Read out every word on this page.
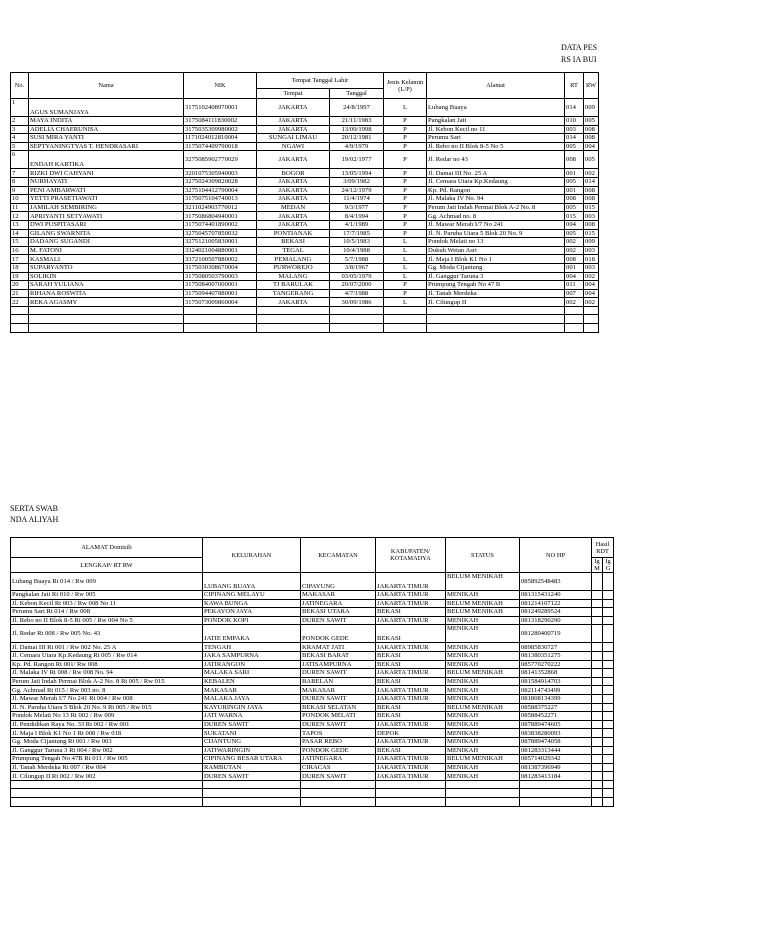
DATA PES
RS IA BUI
No.	Nama	NIK	Tempat Tanggal Lahir		Jenis Kelamin (L/P)	Alamat	RT	RW
			Tempat	Tanggal				
1	AGUS SUMANJAYA	3175102408970001	JAKARTA	24/8/1997	L	Lubang Buaya	014	009
2	MAYA INDITA	3175084111830002	JAKARTA	21/11/1983	P	Pangkalan Jati	010	005
3	ADELIA CHAERUNISA	3175035309980002	JAKARTA	13/09/1998	P	Jl. Kebon Kecil no 11	003	008
4	SUSI MIRA YANTI	1171024012810004	SUNGAI LIMAU	20/12/1981	P	Perumu Sari	014	008
5	SEPTYANINGTYAS T. HENDRASARI	3175074409790018	NGAWI	4/9/1979	P	Jl. Rebo no II Blok 8-5 No 5	005	004
6	ENDAH KARTIKA	3275085902770029	JAKARTA	19/02/1977	P	Jl. Redar no 43	008	005
7	RIZKI DWI CAHYANI	3201075305940003	BOGOR	13/05/1994	P	Jl. Damai III No. 25 A	001	002
8	NURHAYATI	3275024309820028	JAKARTA	3/09/1982	P	Jl. Cemara Utara Kp.Kedaung	005	014
9	PENI AMBARWATI	3275104412790004	JAKARTA	24/12/1979	P	Kp. Pd. Rangon	001	008
10	YETTI PRASETIAWATI	3175075104740013	JAKARTA	11/4/1974	P	Jl. Malaka IV No. 94	008	008
11	JAMILAH SEMBIRING	3211024903770012	MEDAN	9/3/1977	P	Perum Jati Indah Permai Blok A-2 No. 8	005	015
12	APRIYANTI SETYAWATI	3175086804940001	JAKARTA	8/4/1994	P	Gg. Achmad no. 8	015	003
13	DWI PUSPITASARI	3175074401890002	JAKARTA	4/1/1989	P	Jl. Mawar Merah I/7 No 241	004	008
14	GILANG SWARNITA	3275045707850032	PONTIANAK	17/7/1985	P	Jl. N. Paruha Utara 5 Blok 20 No. 9	005	015
15	DADANG SUGANDI	3275121005830001	BEKASI	10/5/1983	L	Pondok Melati no 13	002	009
16	M. FATONI	3324021004880001	TEGAL	10/4/1988	L	Dukuh Wetan Asri	002	003
17	KASMALI	3372100507880002	PEMALANG	5/7/1988	L	Jl. Maja I Blok K1 No 1	008	018
18	SUPARYANTO	3175030308670004	PURWOREJO	3/8/1967	L	Gg. Moda Cijantung	001	003
19	SOLIKIN	3175080503790003	MALANG	03/05/1979	L	Jl. Ganggur Taruna 3	004	002
20	SARAH YULIANA	3175084007000001	TJ BARULAK	20/07/2000	P	Prumpung Tengah No 47 B	011	004
21	RIHANA ROSWITA	3175094407880001	TANGERANG	4/7/1988	P	Jl. Tanah Merdeka	007	004
22	REKA AGASMY	3175073009860004	JAKARTA	30/09/1986	L	Jl. Cilungup II	002	002

SERTA SWAB
NDA ALIYAH
ALAMAT Domisili	KELURAHAN	KECAMATAN	KABUPATEN/ KOTAMADYA	STATUS	NO HP	Hasil RDT	
LENGKAP/ RT RW						Ig M	Ig G
Lubang Buaya Rt 014 / Rw 009	LUBANG BUAYA	CIPAYUNG	JAKARTA TIMUR	BELUM MENIKAH	085892548483		
Pangkalan Jati Rt 010 / Rw 005	CIPINANG MELAYU	MAKASAR	JAKARTA TIMUR	MENIKAH	081315431240		
Jl. Kebon Kecil Rt 003 / Rw 008 No 11	KAWA BUNGA	JATINEGARA	JAKARTA TIMUR	BELUM MENIKAH	081214107122		
Perumu Sari Rt 014 / Rw 008	PEKAYON JAYA	BEKASI UTARA	BEKASI	BELUM MENIKAH	081249289524		
Jl. Rebo no II Blok 8-5 Rt 005 / Rw 004 No 5	PONDOK KOPI	DUREN SAWIT	JAKARTA TIMUR	MENIKAH	081318290290		
Jl. Redar Rt 008 / Rw 005 No. 43	JATIE EMPAKA	PONDOK GEDE	BEKASI	MENIKAH	081280400719		
Jl. Damai III Rt 001 / Rw 002 No. 25 A	TENGAH	KRAMAT JATI	JAKARTA TIMUR	MENIKAH	08985830727		
Jl. Cemara Utara Kp.Kedaung Rt 005 / Rw 014	JAKA SAMPURNA	BEKASI BARAT	BEKASI	MENIKAH	081380351275		
Kp. Pd. Rangon Rt 001/ Rw 008	JATIRANGON	JATISAMPURNA	BEKASI	MENIKAH	085770270222		
Jl. Malaka IV Rt 008 / Rw 008 No. 94	MALAKA SARI	DUREN SAWIT	JAKARTA TIMUR	BELUM MENIKAH	08141352868		
Perum Jati Indah Permai Blok A-2 No. 8 Rt 005 / Rw 015	KEBALEN	BABELAN	BEKASI	MENIKAH	081584914703		
Gg. Achmad Rt 015 / Rw 003 no. 8	MAKASAR	MAKASAR	JAKARTA TIMUR	MENIKAH	082114743499		
Jl. Mawar Merah I/7 No 241 Rt 004 / Rw 008	MALAKA JAYA	DUREN SAWIT	JAKARTA TIMUR	MENIKAH	081808134399		
Jl. N. Paruha Utara 5 Blok 20 No. 9 Rt 005 / Rw 015	KAYURINGIN JAYA	BEKASI SELATAN	BEKASI	BELUM MENIKAH	08588375227		
Pondok Melati No 13 Rt 002 / Rw 009	JATI WARNA	PONDOK MELATI	BEKASI	MENIKAH	08588452271		
Jl. Pendidikan Raya No. 33 Rt 002 / Rw 001	DUREN SAWIT	DUREN SAWIT	JAKARTA TIMUR	MENIKAH	087889474605		
Jl. Maja I Blok K1 No 1 Rt 008 / Rw 018	SUKATANI	TAPOS	DEPOK	MENIKAH	083838280093		
Gg. Moda Cijantung Rt 001 / Rw 003	CIJANTUNG	PASAR REBO	JAKARTA TIMUR	MENIKAH	087889474058		
Jl. Ganggur Taruna 3 Rt 004 / Rw 002	JATIWARINGIN	PONDOK GEDE	BEKASI	MENIKAH	081283313444		
Prumpung Tengah No 47B Rt 011 / Rw 005	CIPINANG BESAR UTARA	JATINEGARA	JAKARTA TIMUR	BELUM MENIKAH	085714029342		
Jl. Tanah Merdeka Rt 007 / Rw 004	RAMBUTAN	CIRACAS	JAKARTA TIMUR	MENIKAH	081387396949		
Jl. Cilungup II Rt 002 / Rw 002	DUREN SAWIT	DUREN SAWIT	JAKARTA TIMUR	MENIKAH	081283413184		
